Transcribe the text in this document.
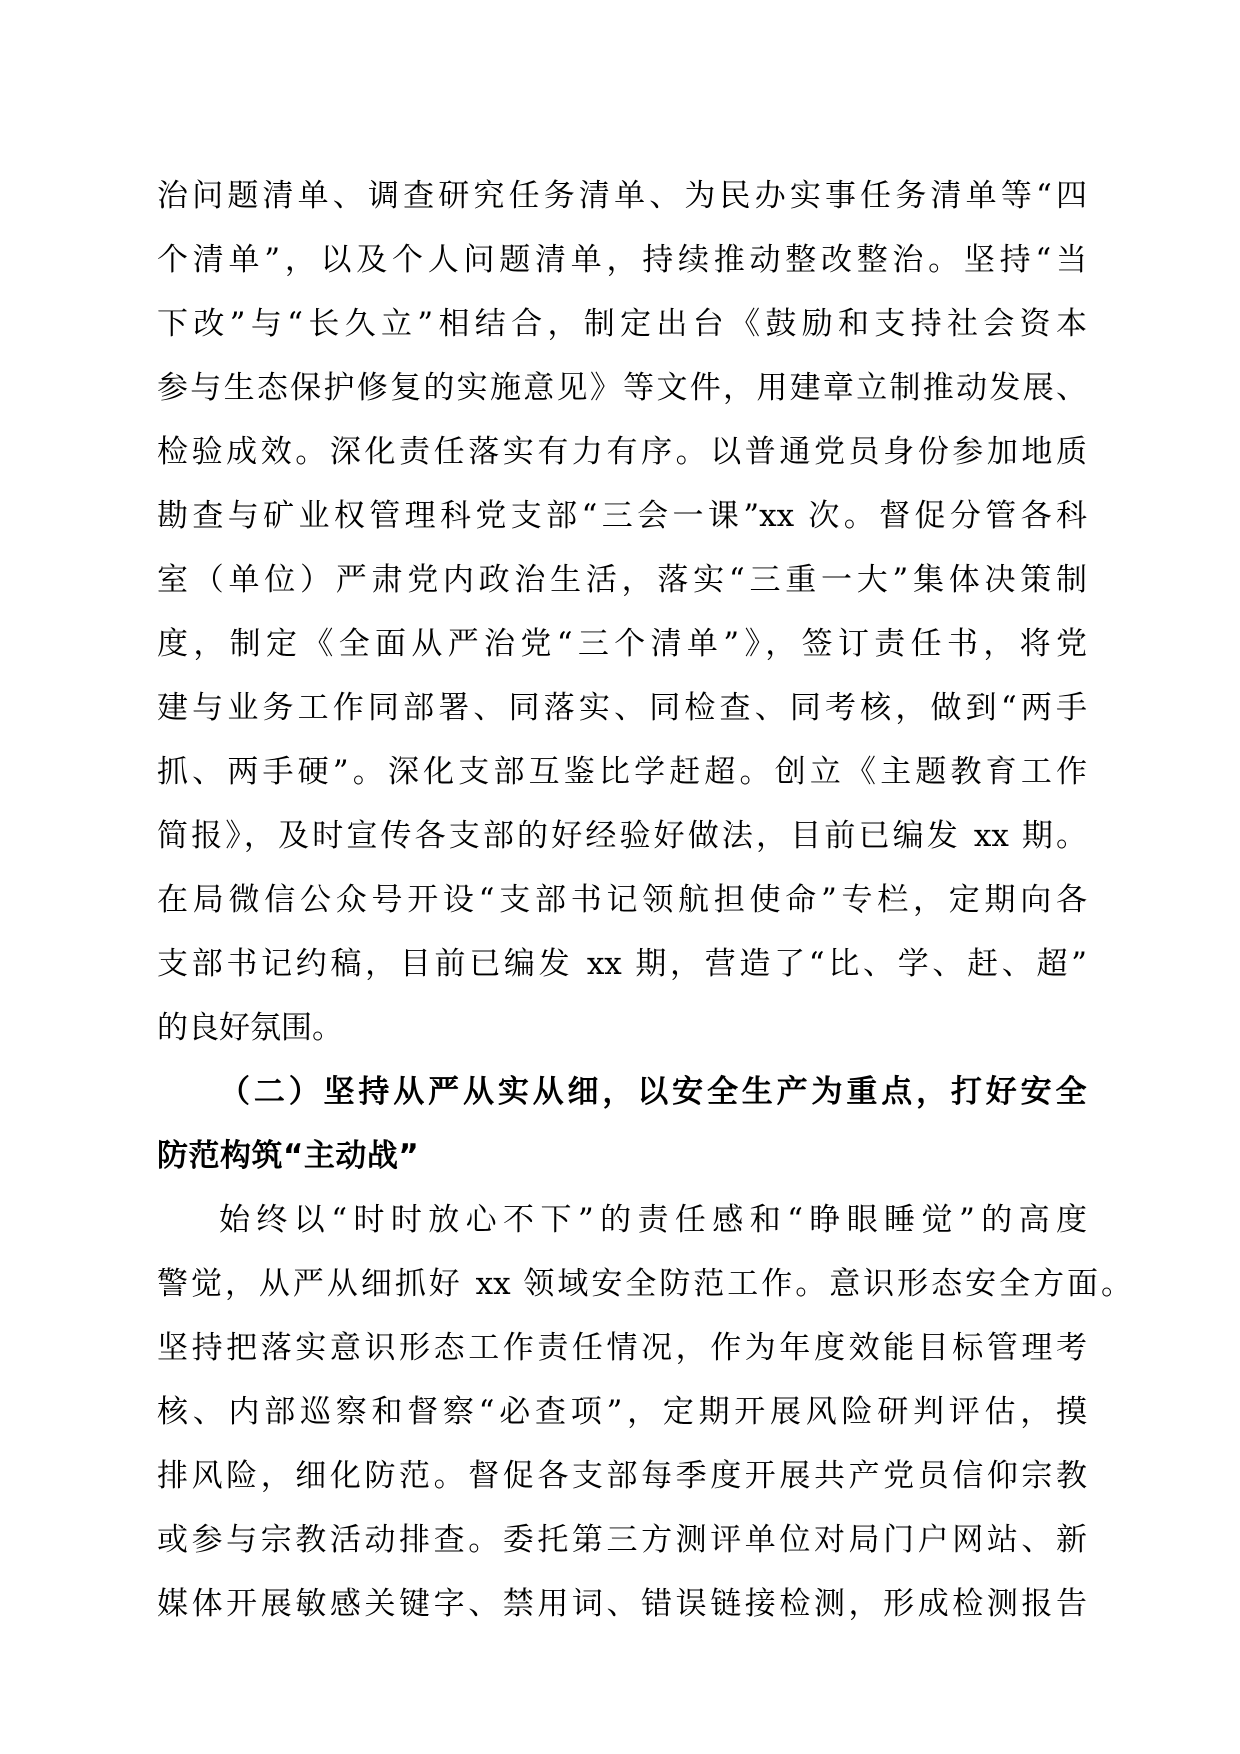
治问题清单、调查研究任务清单、为民办实事任务清单等“四
个清单”，以及个人问题清单，持续推动整改整治。坚持“当
下改”与“长久立”相结合，制定出台《鼓励和支持社会资本
参与生态保护修复的实施意见》等文件，用建章立制推动发展、
检验成效。深化责任落实有力有序。以普通党员身份参加地质
勘查与矿业权管理科党支部“三会一课”xx 次。督促分管各科
室（单位）严肃党内政治生活，落实“三重一大”集体决策制
度，制定《全面从严治党“三个清单”》，签订责任书，将党
建与业务工作同部署、同落实、同检查、同考核，做到“两手
抓、两手硬”。深化支部互鉴比学赶超。创立《主题教育工作
简报》，及时宣传各支部的好经验好做法，目前已编发 xx 期。
在局微信公众号开设“支部书记领航担使命”专栏，定期向各
支部书记约稿，目前已编发 xx 期，营造了“比、学、赶、超”
的良好氛围。
（二）坚持从严从实从细，以安全生产为重点，打好安全
防范构筑“主动战”
始终以“时时放心不下”的责任感和“睁眼睡觉”的高度
警觉，从严从细抓好 xx 领域安全防范工作。意识形态安全方面。
坚持把落实意识形态工作责任情况，作为年度效能目标管理考
核、内部巡察和督察“必查项”，定期开展风险研判评估，摸
排风险，细化防范。督促各支部每季度开展共产党员信仰宗教
或参与宗教活动排查。委托第三方测评单位对局门户网站、新
媒体开展敏感关键字、禁用词、错误链接检测，形成检测报告
